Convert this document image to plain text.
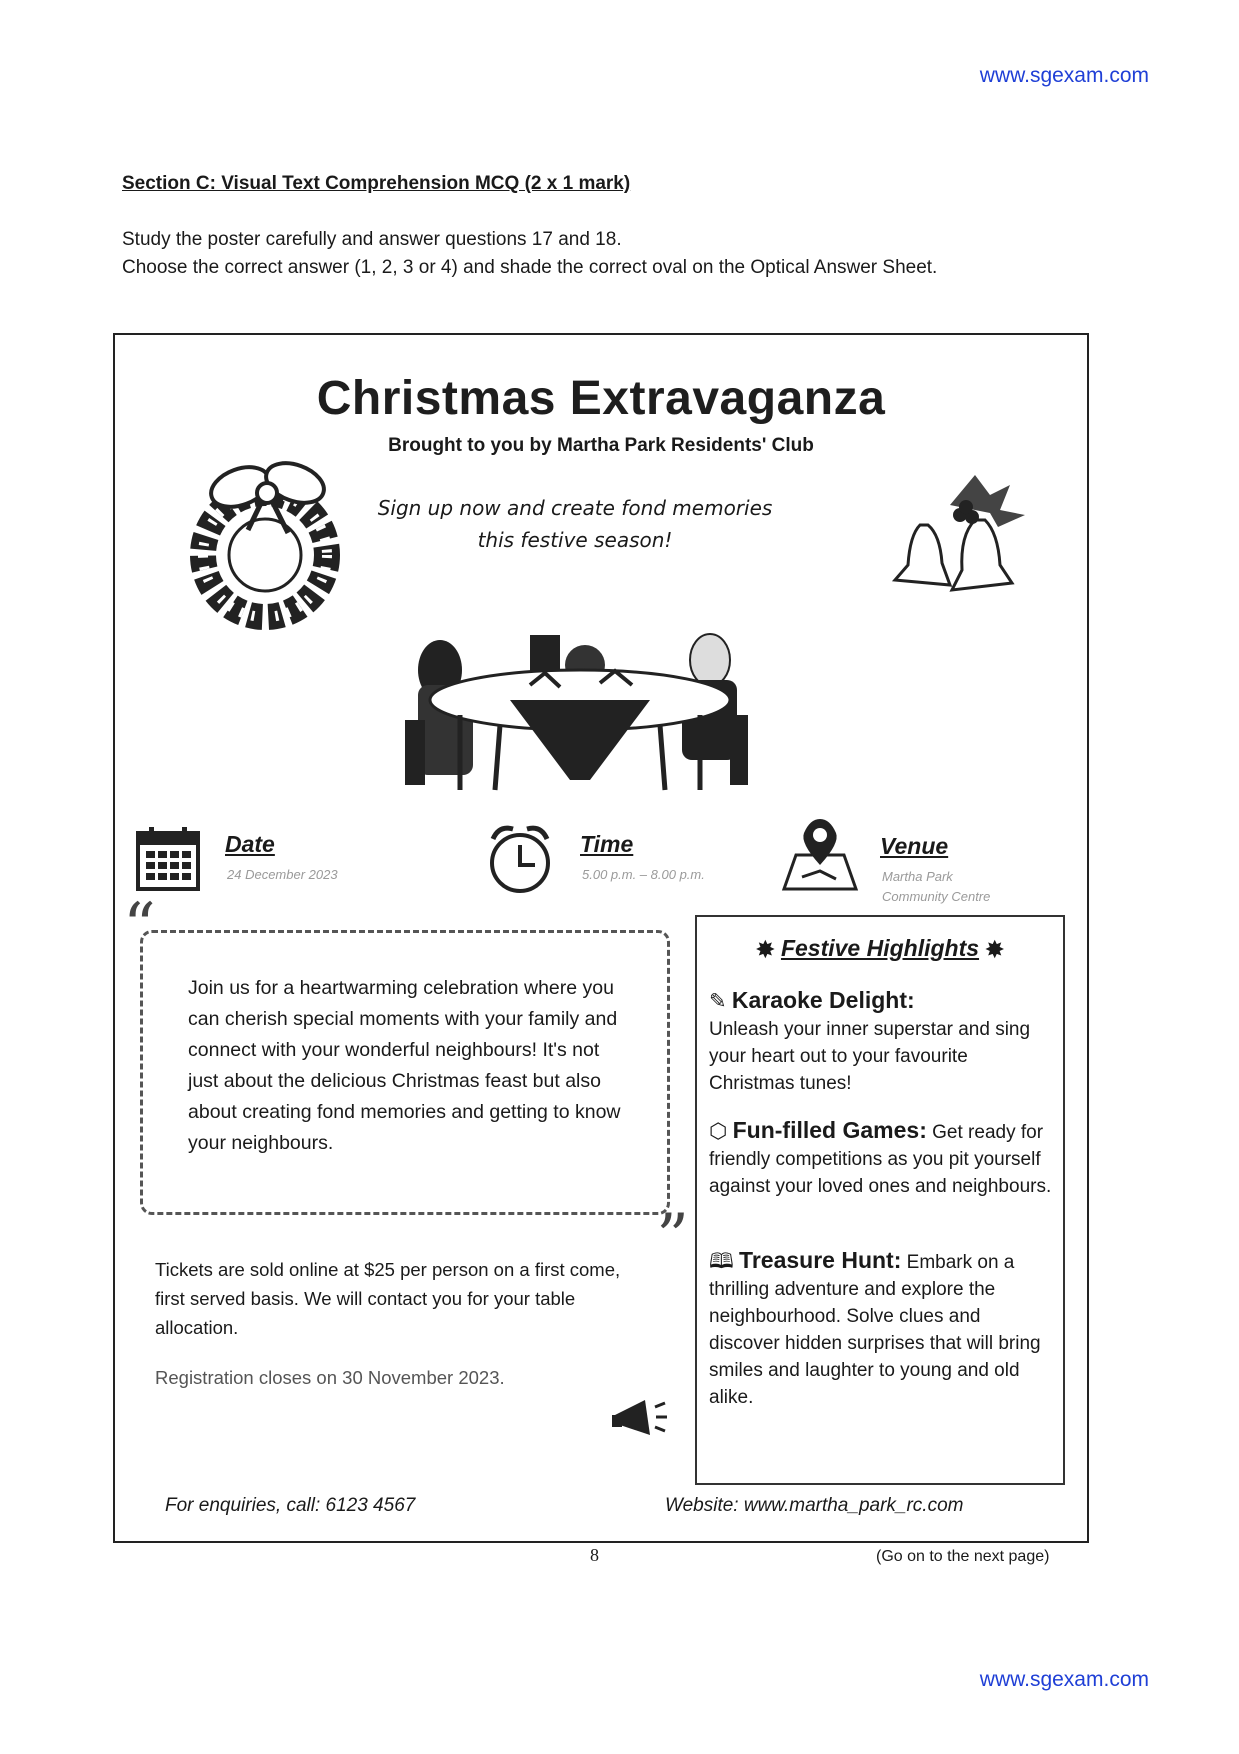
www.sgexam.com
Section C: Visual Text Comprehension MCQ (2 x 1 mark)
Study the poster carefully and answer questions 17 and 18.
Choose the correct answer (1, 2, 3 or 4) and shade the correct oval on the Optical Answer Sheet.
Christmas Extravaganza
Brought to you by Martha Park Residents' Club
Sign up now and create fond memories
this festive season!
Date
24 December 2023
Time
5.00 p.m. – 8.00 p.m.
Venue
Martha Park
Community Centre
“
”
Join us for a heartwarming celebration where you can cherish special moments with your family and connect with your wonderful neighbours! It's not just about the delicious Christmas feast but also about creating fond memories and getting to know your neighbours.
Tickets are sold online at $25 per person on a first come, first served basis. We will contact you for your table allocation.
Registration closes on 30 November 2023.
✸ Festive Highlights ✸
✎ Karaoke Delight:
Unleash your inner superstar and sing your heart out to your favourite Christmas tunes!
⬡ Fun-filled Games: Get ready for friendly competitions as you pit yourself against your loved ones and neighbours.
🕮 Treasure Hunt: Embark on a thrilling adventure and explore the neighbourhood. Solve clues and discover hidden surprises that will bring smiles and laughter to young and old alike.
For enquiries, call: 6123 4567	Website: www.martha_park_rc.com
8	(Go on to the next page)
www.sgexam.com
